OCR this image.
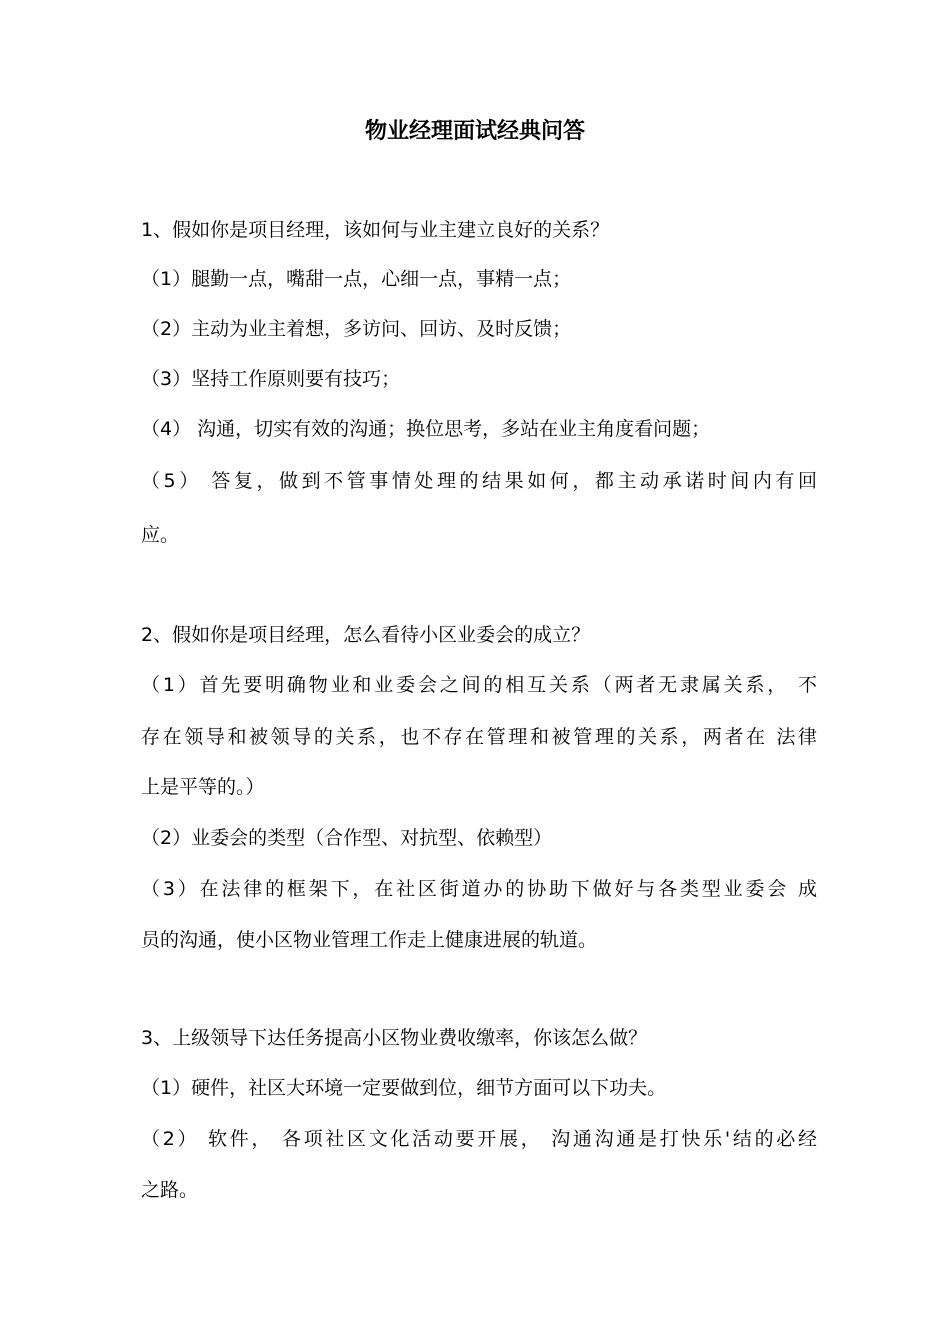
物业经理面试经典问答
1、假如你是项目经理，该如何与业主建立良好的关系？
（1）腿勤一点，嘴甜一点，心细一点，事精一点；
（2）主动为业主着想，多访问、回访、及时反馈；
（3）坚持工作原则要有技巧；
（4） 沟通，切实有效的沟通；换位思考，多站在业主角度看问题；
（5） 答复，做到不管事情处理的结果如何，都主动承诺时间内有回
应。
2、假如你是项目经理，怎么看待小区业委会的成立？
（1）首先要明确物业和业委会之间的相互关系（两者无隶属关系， 不
存在领导和被领导的关系，也不存在管理和被管理的关系，两者在 法律
上是平等的。）
（2）业委会的类型（合作型、对抗型、依赖型）
（3）在法律的框架下，在社区街道办的协助下做好与各类型业委会 成
员的沟通，使小区物业管理工作走上健康进展的轨道。
3、上级领导下达任务提高小区物业费收缴率，你该怎么做？
（1）硬件，社区大环境一定要做到位，细节方面可以下功夫。
（2） 软件， 各项社区文化活动要开展， 沟通沟通是打快乐'结的必经
之路。
